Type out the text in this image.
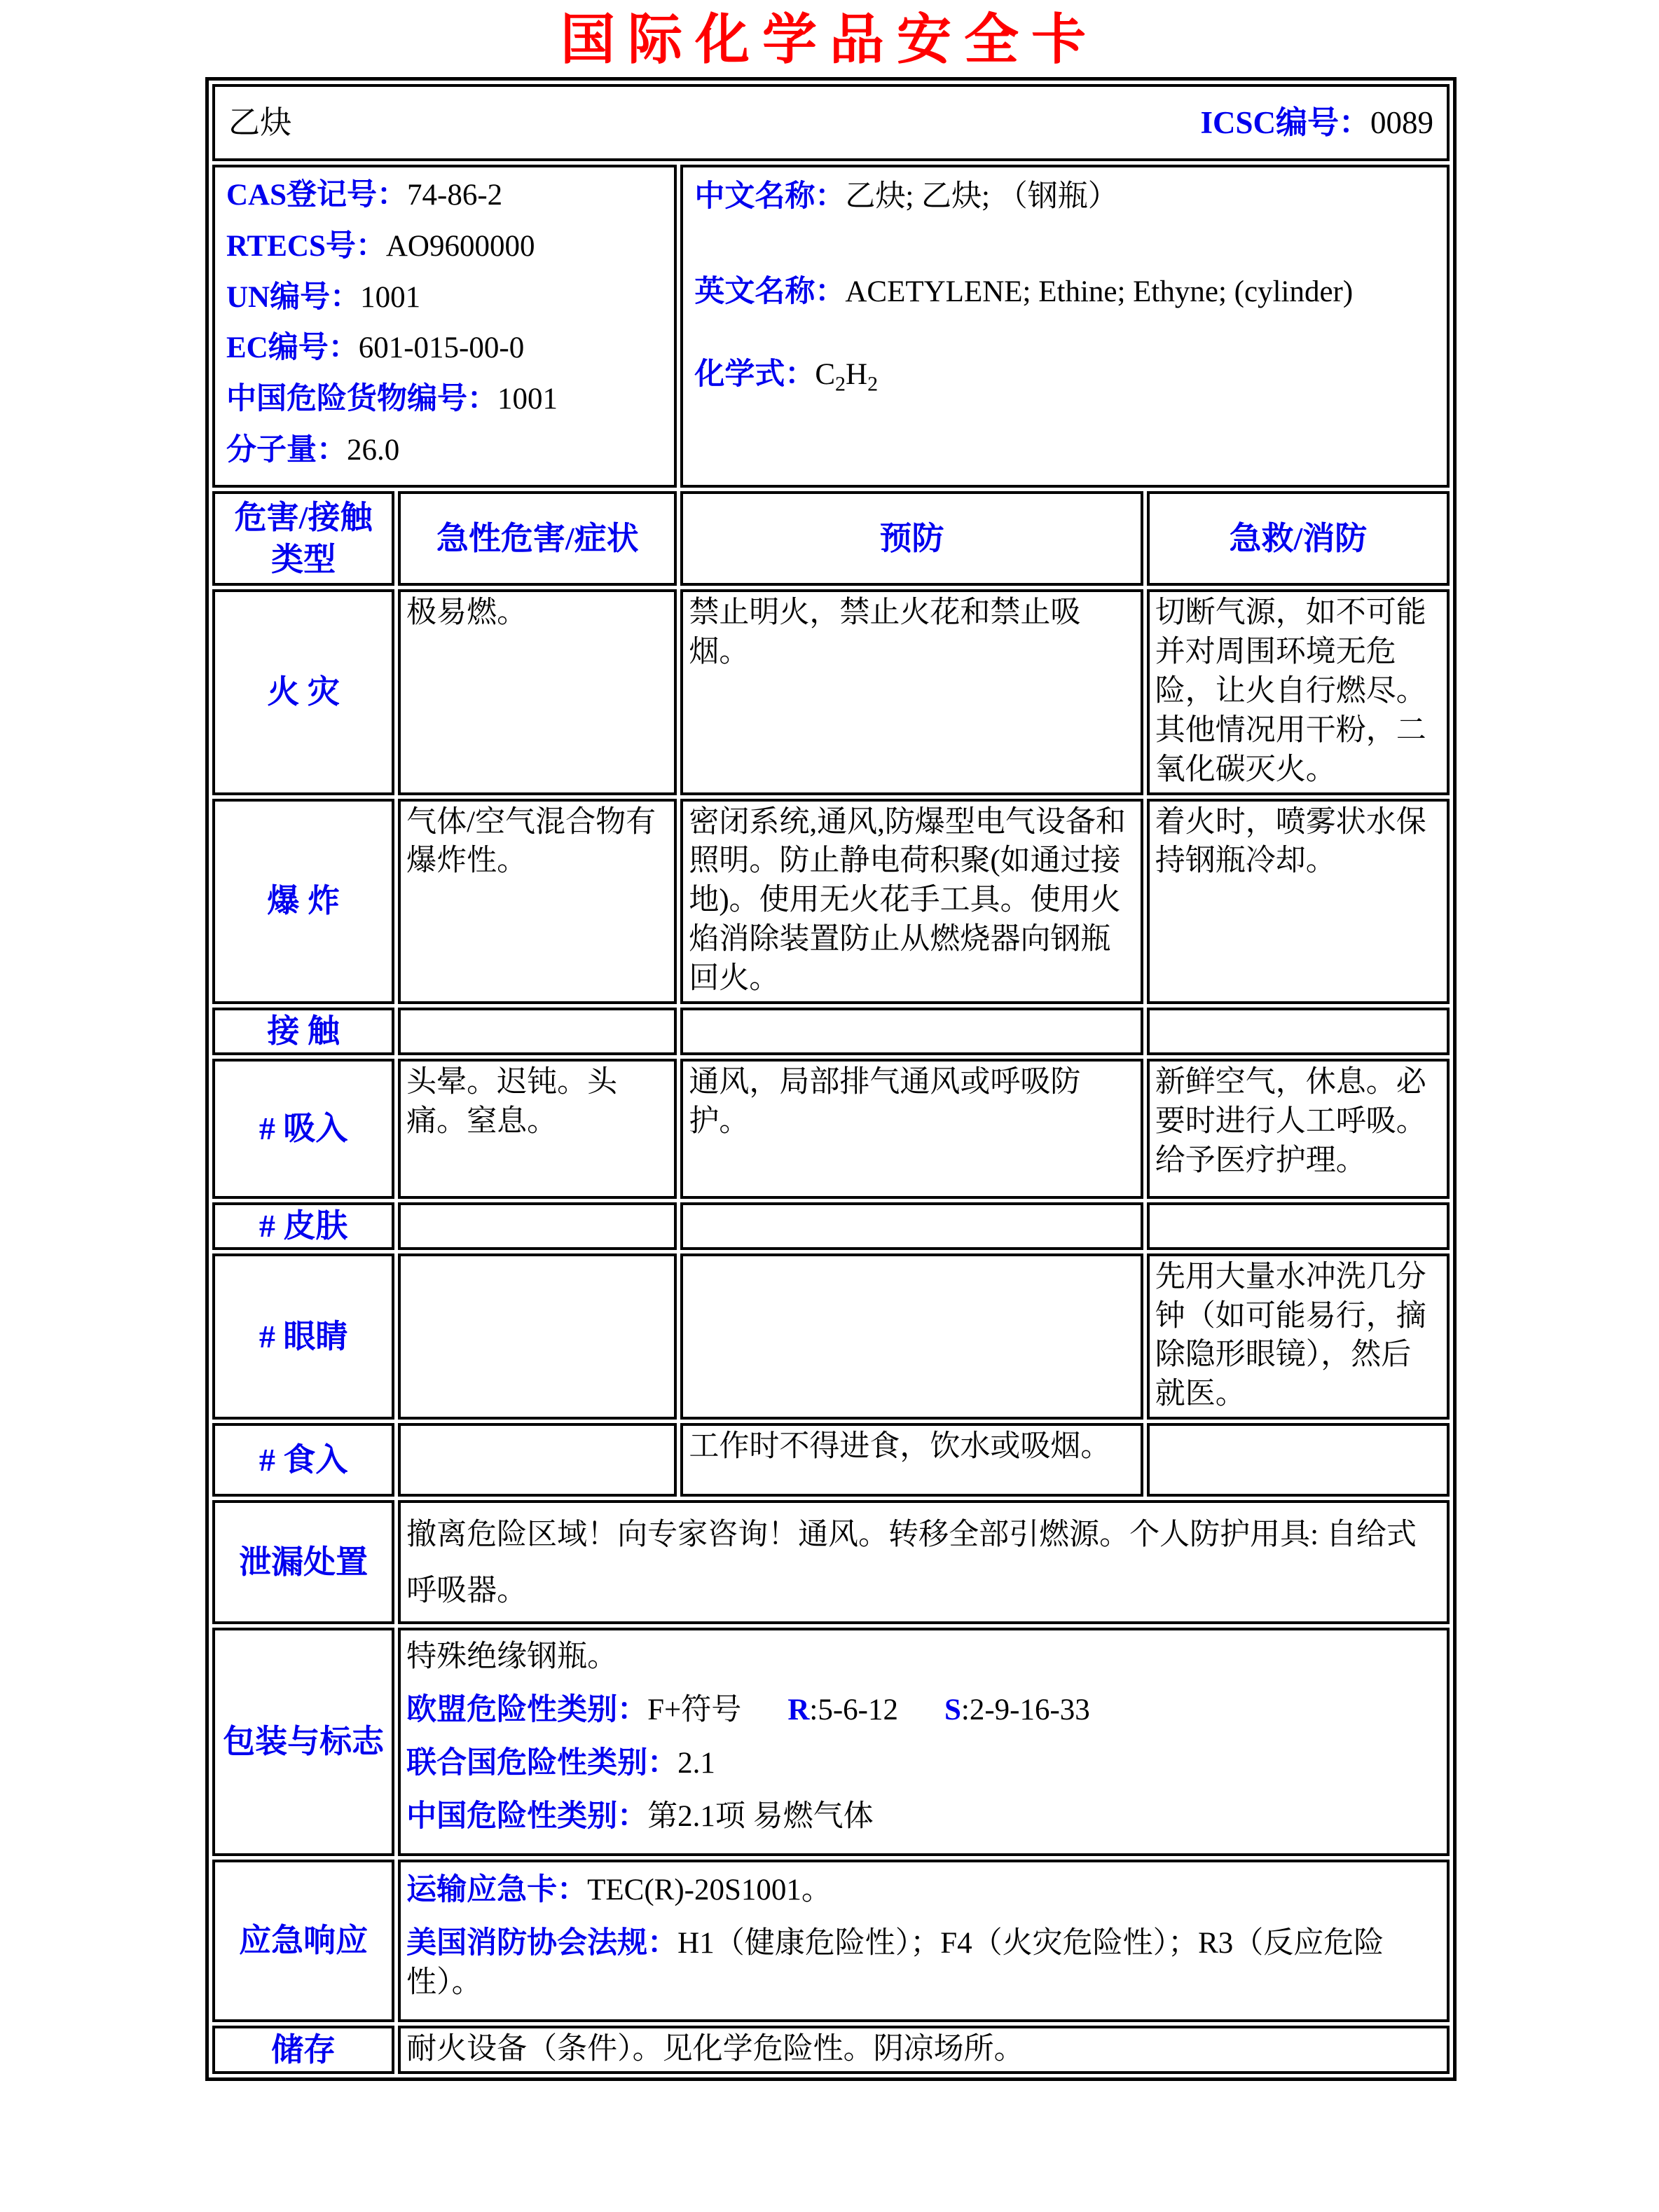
国际化学品安全卡
乙炔 ICSC编号：0089			

CAS登记号：74-86-2

RTECS号：AO9600000

UN编号：1001

EC编号：601-015-00-0

中国危险货物编号：1001

分子量：26.0

中文名称：乙炔; 乙炔; （钢瓶）

英文名称：ACETYLENE; Ethine; Ethyne; (cylinder)

化学式：$C_2H_2$

危害/接触类型	急性危害/症状	预防	急救/消防
火 灾	极易燃。	禁止明火，禁止火花和禁止吸烟。	切断气源，如不可能并对周围环境无危险，让火自行燃尽。其他情况用干粉，二氧化碳灭火。
爆 炸	气体/空气混合物有爆炸性。	密闭系统,通风,防爆型电气设备和照明。防止静电荷积聚(如通过接地)。使用无火花手工具。使用火焰消除装置防止从燃烧器向钢瓶回火。	着火时，喷雾状水保持钢瓶冷却。
接 触			
# 吸入	头晕。迟钝。头痛。窒息。	通风，局部排气通风或呼吸防护。	新鲜空气，休息。必要时进行人工呼吸。给予医疗护理。
# 皮肤			
# 眼睛			先用大量水冲洗几分钟（如可能易行，摘除隐形眼镜），然后就医。
# 食入		工作时不得进食，饮水或吸烟。	
泄漏处置	撤离危险区域！向专家咨询！通风。转移全部引燃源。个人防护用具: 自给式呼吸器。		
包装与标志	特殊绝缘钢瓶。

欧盟危险性类别：F+符号 R:5-6-12 S:2-9-16-33

联合国危险性类别：2.1

中国危险性类别：第2.1项 易燃气体		

应急响应	运输应急卡：TEC(R)-20S1001。

美国消防协会法规：H1（健康危险性）；F4（火灾危险性）；R3（反应危险性）。		

储存	耐火设备（条件）。见化学危险性。阴凉场所。		
